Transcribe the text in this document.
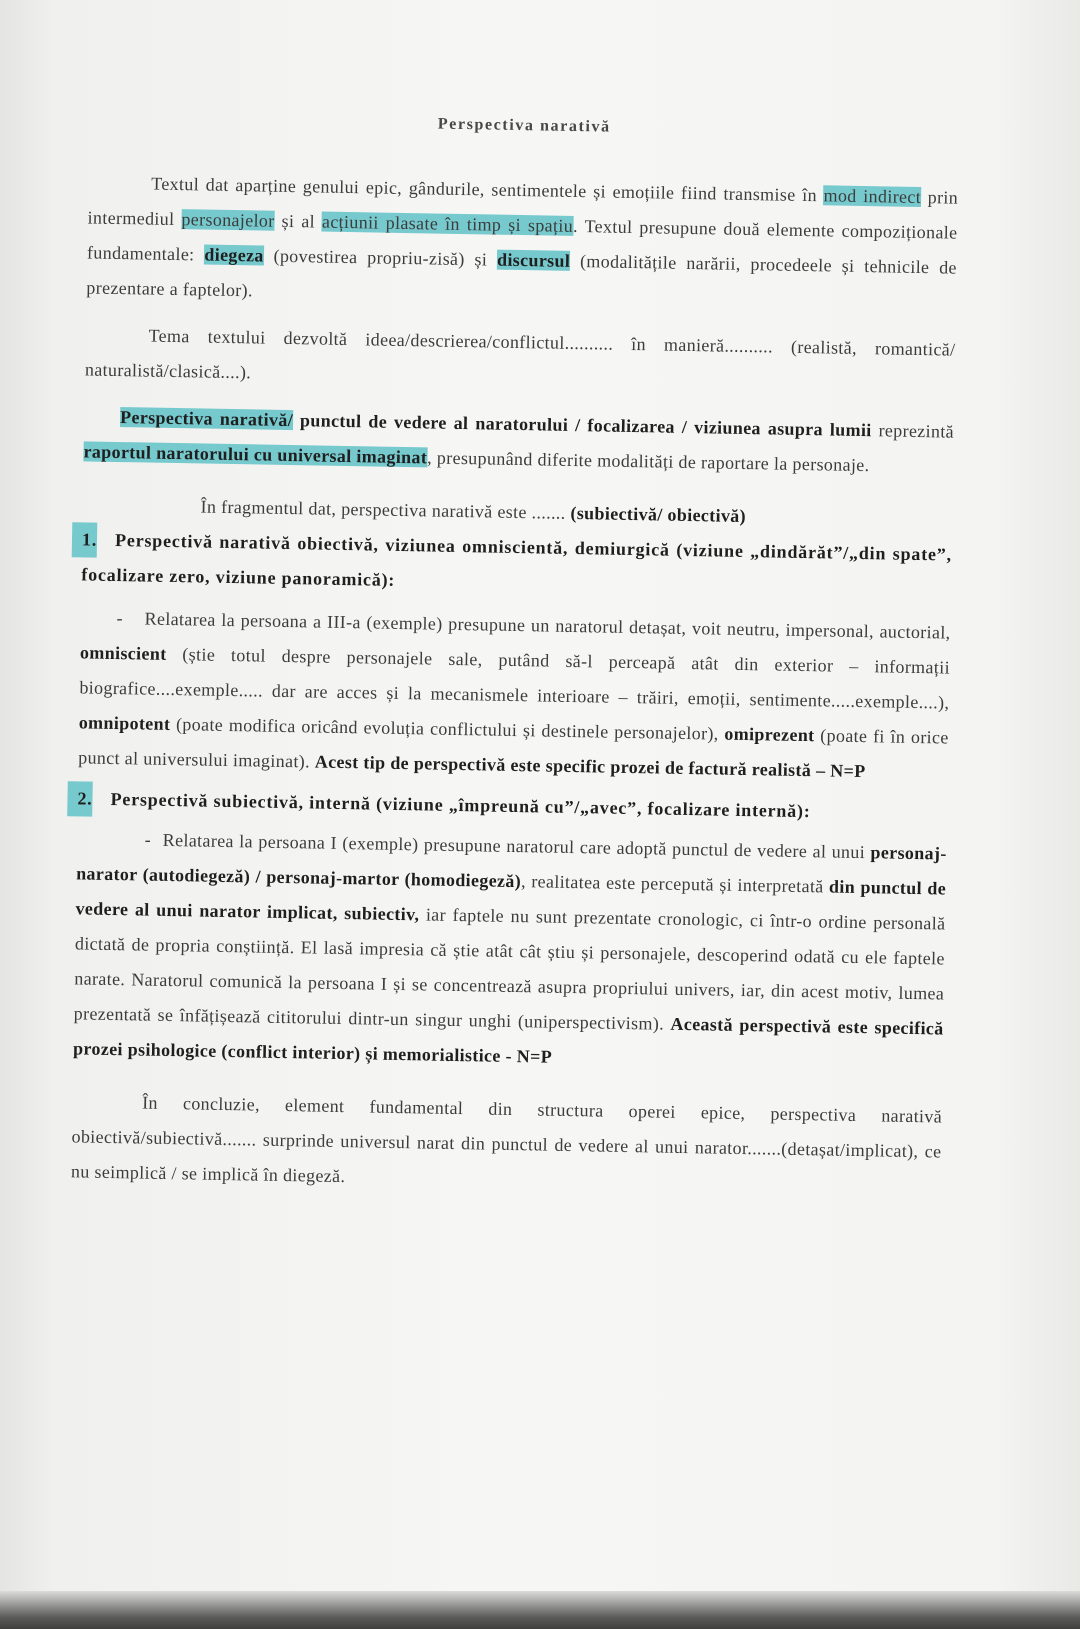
Perspectiva narativă

Textul dat aparține genului epic, gândurile, sentimentele și emoțiile fiind transmise în mod indirect prin intermediul personajelor și al acțiunii plasate în timp și spațiu. Textul presupune două elemente compoziționale fundamentale: diegeza (povestirea propriu-zisă) și discursul (modalitățile narării, procedeele și tehnicile de prezentare a faptelor).

Tema textului dezvoltă ideea/descrierea/conflictul.......... în manieră.......... (realistă, romantică/ naturalistă/clasică....).

Perspectiva narativă/ punctul de vedere al naratorului / focalizarea / viziunea asupra lumii reprezintă raportul naratorului cu universal imaginat, presupunând diferite modalități de raportare la personaje.

În fragmentul dat, perspectiva narativă este ....... (subiectivă/ obiectivă)

1. Perspectivă narativă obiectivă, viziunea omniscientă, demiurgică (viziune „dindărăt”/„din spate”, focalizare zero, viziune panoramică):

- Relatarea la persoana a III-a (exemple) presupune un naratorul detașat, voit neutru, impersonal, auctorial, omniscient (știe totul despre personajele sale, putând să-l perceapă atât din exterior – informații biografice....exemple..... dar are acces și la mecanismele interioare – trăiri, emoții, sentimente.....exemple....), omnipotent (poate modifica oricând evoluția conflictului și destinele personajelor), omiprezent (poate fi în orice punct al universului imaginat). Acest tip de perspectivă este specific prozei de factură realistă – N=P

2. Perspectivă subiectivă, internă (viziune „împreună cu”/„avec”, focalizare internă):

- Relatarea la persoana I (exemple) presupune naratorul care adoptă punctul de vedere al unui personaj-narator (autodiegeză) / personaj-martor (homodiegeză), realitatea este percepută și interpretată din punctul de vedere al unui narator implicat, subiectiv, iar faptele nu sunt prezentate cronologic, ci într-o ordine personală dictată de propria conștiință. El lasă impresia că știe atât cât știu și personajele, descoperind odată cu ele faptele narate. Naratorul comunică la persoana I și se concentrează asupra propriului univers, iar, din acest motiv, lumea prezentată se înfățișează cititorului dintr-un singur unghi (uniperspectivism). Această perspectivă este specifică prozei psihologice (conflict interior) și memorialistice - N=P

În concluzie, element fundamental din structura operei epice, perspectiva narativă obiectivă/subiectivă....... surprinde universul narat din punctul de vedere al unui narator.......(detașat/implicat), ce nu seimplică / se implică în diegeză.
